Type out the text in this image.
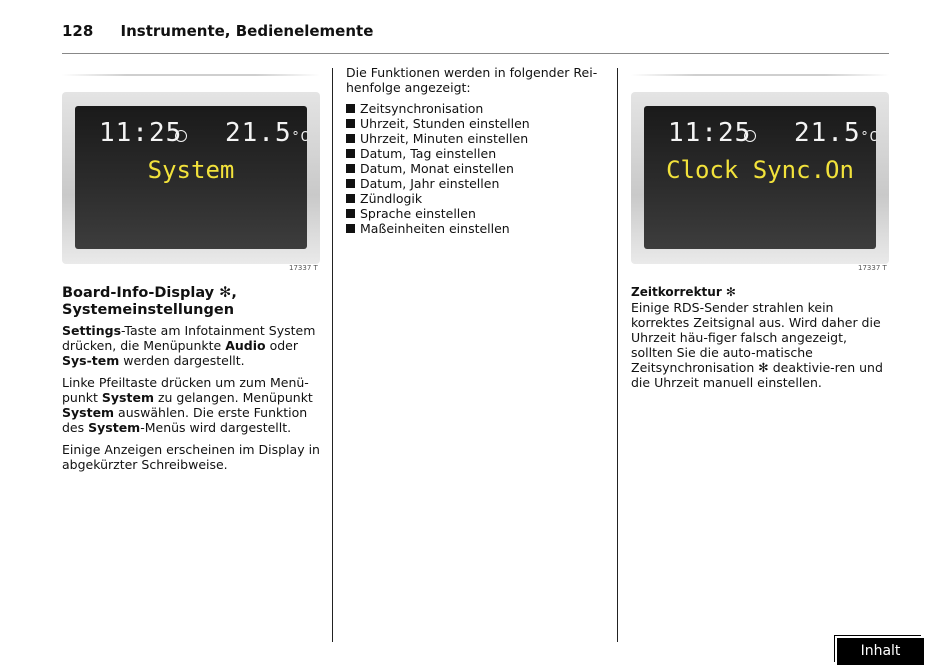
128 Instrumente, Bedienelemente
11:25 21.5°C
System
17337 T
11:25 21.5°C
Clock Sync.On
17337 T
Board-Info-Display ✻,
Systemeinstellungen

Settings-Taste am Infotainment System drücken, die Menüpunkte Audio oder Sys-tem werden dargestellt.

Linke Pfeiltaste drücken um zum Menü-punkt System zu gelangen. Menüpunkt System auswählen. Die erste Funktion des System-Menüs wird dargestellt.

Einige Anzeigen erscheinen im Display in abgekürzter Schreibweise.

Die Funktionen werden in folgender Rei-henfolge angezeigt:

Zeitsynchronisation
Uhrzeit, Stunden einstellen
Uhrzeit, Minuten einstellen
Datum, Tag einstellen
Datum, Monat einstellen
Datum, Jahr einstellen
Zündlogik
Sprache einstellen
Maßeinheiten einstellen
Zeitkorrektur ✻
Einige RDS-Sender strahlen kein korrektes Zeitsignal aus. Wird daher die Uhrzeit häu-figer falsch angezeigt, sollten Sie die auto-matische Zeitsynchronisation ✻ deaktivie-ren und die Uhrzeit manuell einstellen.
Inhalt
